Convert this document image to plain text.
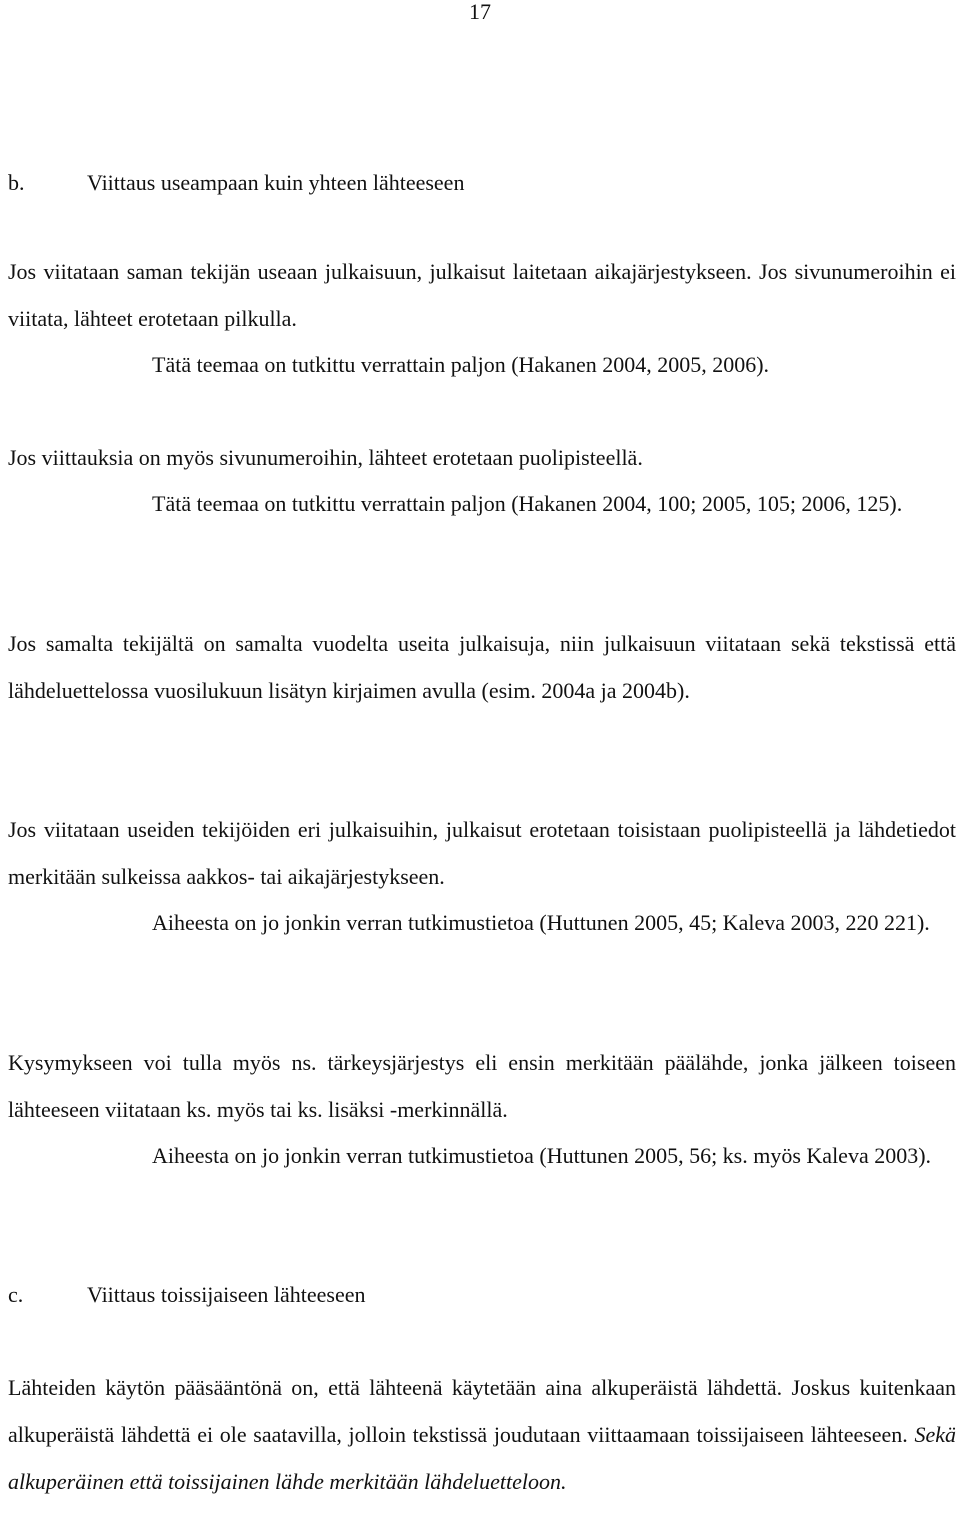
17
b.	Viittaus useampaan kuin yhteen lähteeseen

Jos viitataan saman tekijän useaan julkaisuun, julkaisut laitetaan aikajärjestykseen. Jos sivunumeroihin ei viitata, lähteet erotetaan pilkulla.

Tätä teemaa on tutkittu verrattain paljon (Hakanen 2004, 2005, 2006).

Jos viittauksia on myös sivunumeroihin, lähteet erotetaan puolipisteellä.

Tätä teemaa on tutkittu verrattain paljon (Hakanen 2004, 100; 2005, 105; 2006, 125).

Jos samalta tekijältä on samalta vuodelta useita julkaisuja, niin julkaisuun viitataan sekä tekstissä että lähdeluettelossa vuosilukuun lisätyn kirjaimen avulla (esim. 2004a ja 2004b).

Jos viitataan useiden tekijöiden eri julkaisuihin, julkaisut erotetaan toisistaan puolipisteellä ja lähdetiedot merkitään sulkeissa aakkos- tai aikajärjestykseen.

Aiheesta on jo jonkin verran tutkimustietoa (Huttunen 2005, 45; Kaleva 2003, 220 221).

Kysymykseen voi tulla myös ns. tärkeysjärjestys eli ensin merkitään päälähde, jonka jälkeen toiseen lähteeseen viitataan ks. myös tai ks. lisäksi -merkinnällä.

Aiheesta on jo jonkin verran tutkimustietoa (Huttunen 2005, 56; ks. myös Kaleva 2003).

c.	Viittaus toissijaiseen lähteeseen

Lähteiden käytön pääsääntönä on, että lähteenä käytetään aina alkuperäistä lähdettä. Joskus kuitenkaan alkuperäistä lähdettä ei ole saatavilla, jolloin tekstissä joudutaan viittaamaan toissijaiseen lähteeseen. Sekä alkuperäinen että toissijainen lähde merkitään lähdeluetteloon.
